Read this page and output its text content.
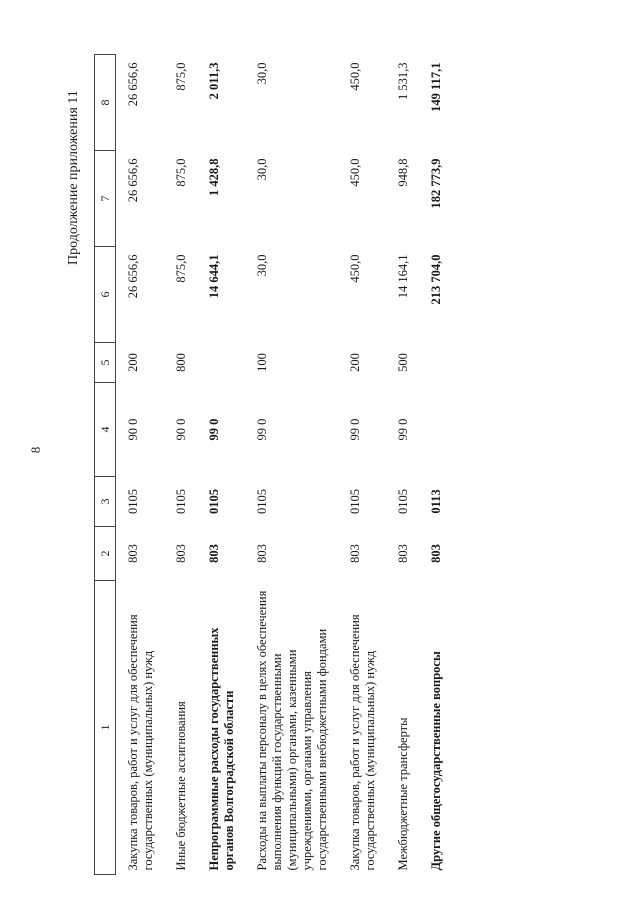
8
Продолжение приложения 11
1	2	3	4	5	6	7	8
Закупка товаров, работ и услуг для обеспечения государственных (муниципальных) нужд	803	0105	90 0	200	26 656,6	26 656,6	26 656,6
Иные бюджетные ассигнования	803	0105	90 0	800	875,0	875,0	875,0
Непрограммные расходы государственных органов Волгоградской области	803	0105	99 0		14 644,1	1 428,8	2 011,3
Расходы на выплаты персоналу в целях обеспечения выполнения функций государственными (муниципальными) органами, казенными учреждениями, органами управления государственными внебюджетными фондами	803	0105	99 0	100	30,0	30,0	30,0
Закупка товаров, работ и услуг для обеспечения государственных (муниципальных) нужд	803	0105	99 0	200	450,0	450,0	450,0
Межбюджетные трансферты	803	0105	99 0	500	14 164,1	948,8	1 531,3
Другие общегосударственные вопросы	803	0113			213 704,0	182 773,9	149 117,1
